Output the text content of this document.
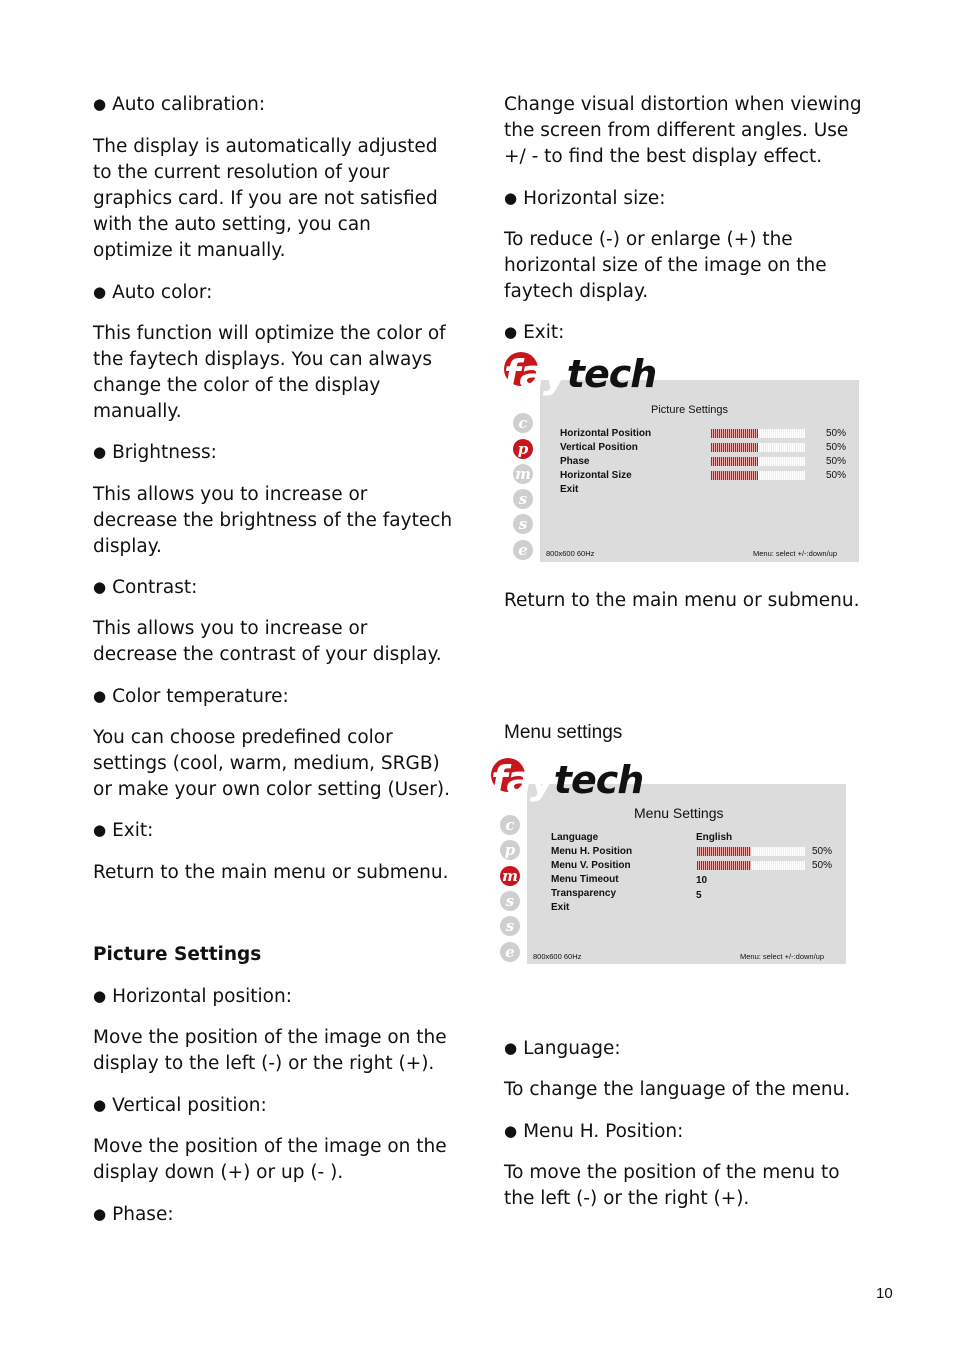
● Auto calibration:

The display is automatically adjusted to the current resolution of your graphics card. If you are not satisfied with the auto setting, you can optimize it manually.

● Auto color:

This function will optimize the color of the faytech displays. You can always change the color of the display manually.

● Brightness:

This allows you to increase or decrease the brightness of the faytech display.

● Contrast:

This allows you to increase or decrease the contrast of your display.

● Color temperature:

You can choose predefined color settings (cool, warm, medium, SRGB) or make your own color setting (User).

● Exit:

Return to the main menu or submenu.

Picture Settings

● Horizontal position:

Move the position of the image on the display to the left (-) or the right (+).

● Vertical position:

Move the position of the image on the display down (+) or up (- ).

● Phase:

Change visual distortion when viewing the screen from different angles. Use +/ - to find the best display effect.

● Horizontal size:

To reduce (-) or enlarge (+) the horizontal size of the image on the faytech display.

● Exit:

Return to the main menu or submenu.
faytech
c
p
m
s
s
e
Picture Settings
Horizontal Position
Vertical Position
Phase
Horizontal Size
Exit
50%
50%
50%
50%
800x600 60Hz	Menu: select +/-:down/up
Menu settings
faytech
c
p
m
s
s
e
Menu Settings
Language
Menu H. Position
Menu V. Position
Menu Timeout
Transparency
Exit
English
50%
50%
10
5
800x600 60Hz	Menu: select +/-:down/up

● Language:

To change the language of the menu.

● Menu H. Position:

To move the position of the menu to the left (-) or the right (+).

10
